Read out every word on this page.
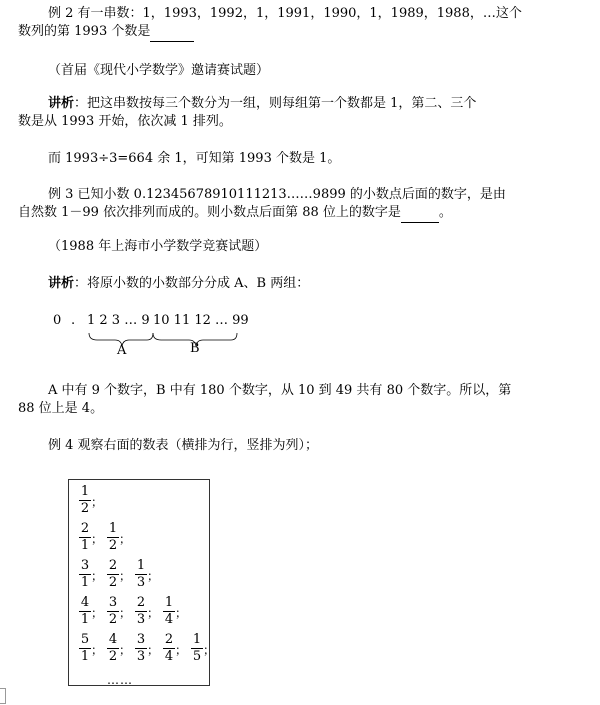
例 2 有一串数：1，1993，1992，1，1991，1990，1，1989，1988，…这个
数列的第 1993 个数是
（首届《现代小学数学》邀请赛试题）
讲析：把这串数按每三个数分为一组，则每组第一个数都是 1，第二、三个
数是从 1993 开始，依次减 1 排列。
而 1993÷3=664 余 1，可知第 1993 个数是 1。
例 3 已知小数 0.12345678910111213……9899 的小数点后面的数字，是由
自然数 1－99 依次排列而成的。则小数点后面第 88 位上的数字是	。
（1988 年上海市小学数学竞赛试题）
讲析：将原小数的小数部分分成 A、B 两组：
0 . 1 2 3 … 9 10 11 12 … 99
A	B
A 中有 9 个数字，B 中有 180 个数字，从 10 到 49 共有 80 个数字。所以，第
88 位上是 4。
例 4 观察右面的数表（横排为行，竖排为列）；
$\frac{1}{2}$ ；
$\frac{2}{1}$ ； $\frac{1}{2}$ ；
$\frac{3}{1}$ ； $\frac{2}{2}$ ； $\frac{1}{3}$ ；
$\frac{4}{1}$ ； $\frac{3}{2}$ ； $\frac{2}{3}$ ； $\frac{1}{4}$ ；
$\frac{5}{1}$ ； $\frac{4}{2}$ ； $\frac{3}{3}$ ； $\frac{2}{4}$ ； $\frac{1}{5}$ ；
……
